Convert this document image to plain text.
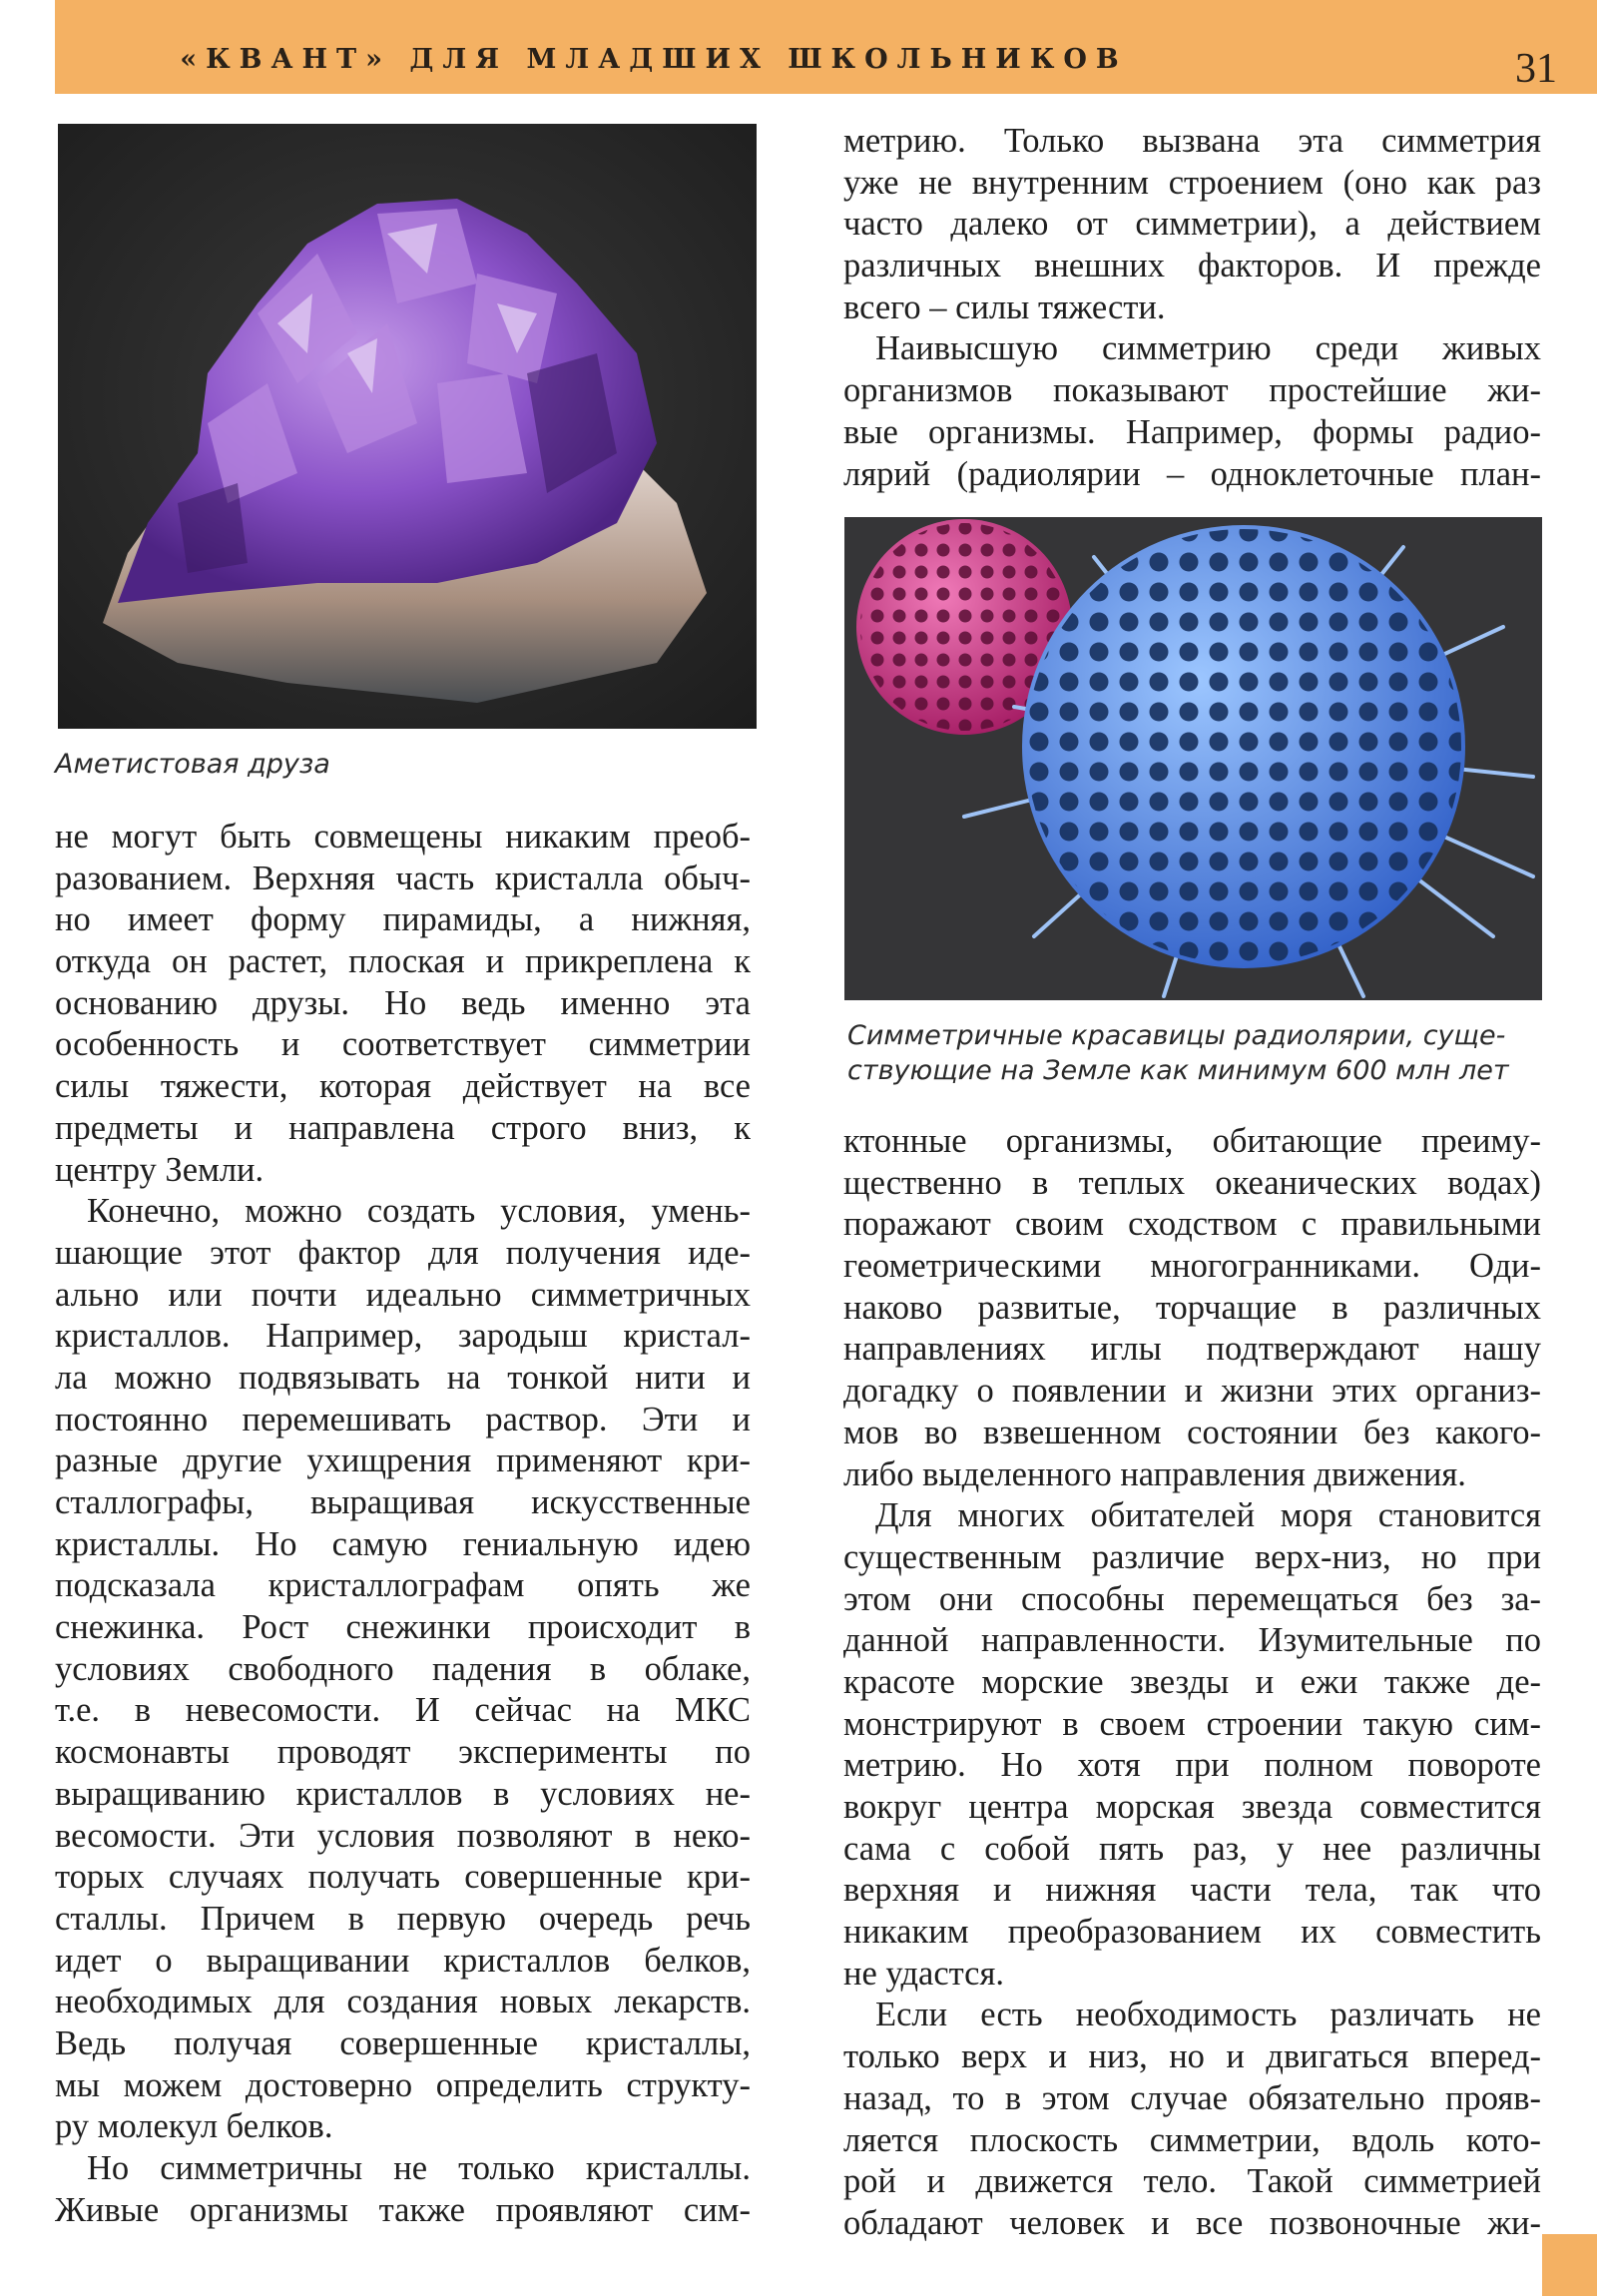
«КВАНТ» ДЛЯ МЛАДШИХ ШКОЛЬНИКОВ	31
Аметистовая друза
не могут быть совмещены никаким преоб-
разованием. Верхняя часть кристалла обыч-
но имеет форму пирамиды, а нижняя,
откуда он растет, плоская и прикреплена к
основанию друзы. Но ведь именно эта
особенность и соответствует симметрии
силы тяжести, которая действует на все
предметы и направлена строго вниз, к
центру Земли.
Конечно, можно создать условия, умень-
шающие этот фактор для получения иде-
ально или почти идеально симметричных
кристаллов. Например, зародыш кристал-
ла можно подвязывать на тонкой нити и
постоянно перемешивать раствор. Эти и
разные другие ухищрения применяют кри-
сталлографы, выращивая искусственные
кристаллы. Но самую гениальную идею
подсказала кристаллографам опять же
снежинка. Рост снежинки происходит в
условиях свободного падения в облаке,
т.е. в невесомости. И сейчас на МКС
космонавты проводят эксперименты по
выращиванию кристаллов в условиях не-
весомости. Эти условия позволяют в неко-
торых случаях получать совершенные кри-
сталлы. Причем в первую очередь речь
идет о выращивании кристаллов белков,
необходимых для создания новых лекарств.
Ведь получая совершенные кристаллы,
мы можем достоверно определить структу-
ру молекул белков.
Но симметричны не только кристаллы.
Живые организмы также проявляют сим-
метрию. Только вызвана эта симметрия
уже не внутренним строением (оно как раз
часто далеко от симметрии), а действием
различных внешних факторов. И прежде
всего – силы тяжести.
Наивысшую симметрию среди живых
организмов показывают простейшие жи-
вые организмы. Например, формы радио-
лярий (радиолярии – одноклеточные план-
Симметричные красавицы радиолярии, суще-
ствующие на Земле как минимум 600 млн лет
ктонные организмы, обитающие преиму-
щественно в теплых океанических водах)
поражают своим сходством с правильными
геометрическими многогранниками. Оди-
наково развитые, торчащие в различных
направлениях иглы подтверждают нашу
догадку о появлении и жизни этих организ-
мов во взвешенном состоянии без какого-
либо выделенного направления движения.
Для многих обитателей моря становится
существенным различие верх-низ, но при
этом они способны перемещаться без за-
данной направленности. Изумительные по
красоте морские звезды и ежи также де-
монстрируют в своем строении такую сим-
метрию. Но хотя при полном повороте
вокруг центра морская звезда совместится
сама с собой пять раз, у нее различны
верхняя и нижняя части тела, так что
никаким преобразованием их совместить
не удастся.
Если есть необходимость различать не
только верх и низ, но и двигаться вперед-
назад, то в этом случае обязательно прояв-
ляется плоскость симметрии, вдоль кото-
рой и движется тело. Такой симметрией
обладают человек и все позвоночные жи-
